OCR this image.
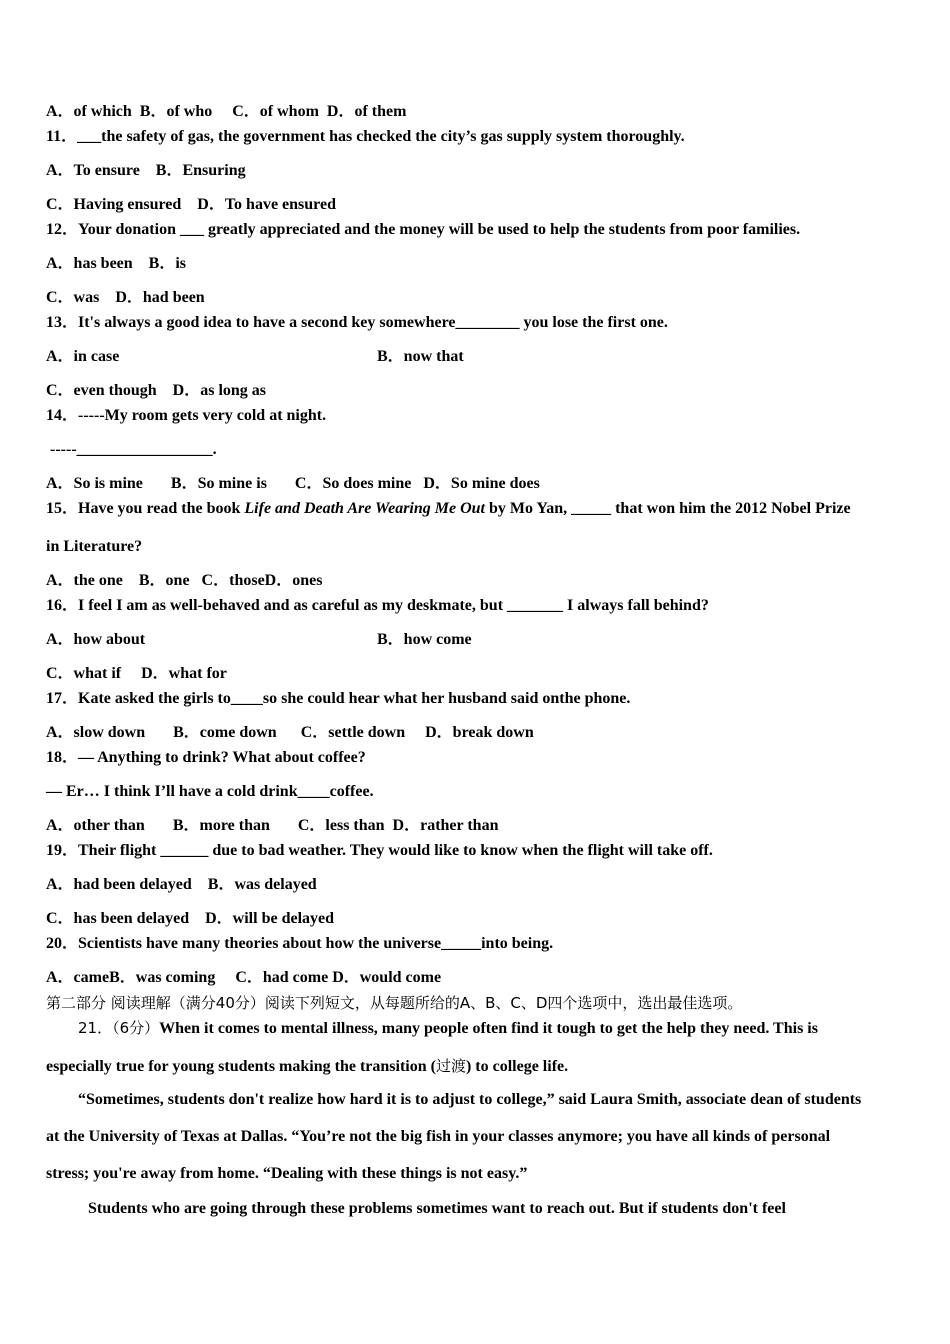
A．of which  B．of who     C．of whom  D．of them
11．___the safety of gas, the government has checked the city’s gas supply system thoroughly.
A．To ensure    B．Ensuring
C．Having ensured    D．To have ensured
12．Your donation ___ greatly appreciated and the money will be used to help the students from poor families.
A．has been    B．is
C．was    D．had been
13．It's always a good idea to have a second key somewhere________ you lose the first one.
A．in case	B．now that
C．even though    D．as long as
14．-----My room gets very cold at night.
-----_________________.
A．So is mine       B．So mine is       C．So does mine   D．So mine does
15．Have you read the book Life and Death Are Wearing Me Out by Mo Yan, _____ that won him the 2012 Nobel Prize
in Literature?
A．the one    B．one   C．thoseD．ones
16．I feel I am as well-behaved and as careful as my deskmate, but _______ I always fall behind?
A．how about	B．how come
C．what if     D．what for
17．Kate asked the girls to____so she could hear what her husband said onthe phone.
A．slow down       B．come down      C．settle down     D．break down
18．— Anything to drink? What about coffee?
— Er… I think I’ll have a cold drink____coffee.
A．other than       B．more than       C．less than  D．rather than
19．Their flight ______ due to bad weather. They would like to know when the flight will take off.
A．had been delayed    B．was delayed
C．has been delayed    D．will be delayed
20．Scientists have many theories about how the universe_____into being.
A．cameB．was coming     C．had come D．would come
第二部分 阅读理解（满分40分）阅读下列短文，从每题所给的A、B、C、D四个选项中，选出最佳选项。
21．（6分）When it comes to mental illness, many people often find it tough to get the help they need. This is
especially true for young students making the transition (过渡) to college life.
“Sometimes, students don't realize how hard it is to adjust to college,” said Laura Smith, associate dean of students
at the University of Texas at Dallas. “You’re not the big fish in your classes anymore; you have all kinds of personal
stress; you're away from home. “Dealing with these things is not easy.”
Students who are going through these problems sometimes want to reach out. But if students don't feel
